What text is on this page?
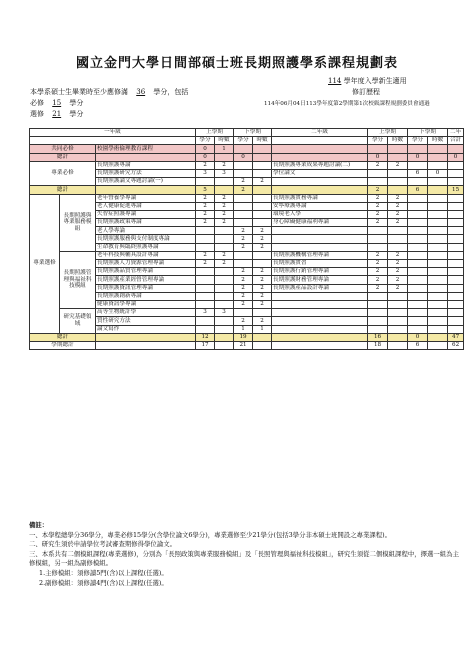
國立金門大學日間部碩士班長期照護學系課程規劃表
114 學年度入學新生適用
修訂歷程
114年06月04日113學年度第2學期第1次校級課程規劃委員會通過
本學系碩士生畢業時至少應修滿 36 學分，包括
必修 15 學分
選修 21 學分
一年級			上學期		下學期		二年級	上學期		下學期		二年
			學分	時數	學分	時數		學分	時數	學分	時數	合計
共同必修		校園學術倫理教育課程	0	1								
總計			0		0			0		0		0
專業必修		長期照護專論	2	2			長期照護專業成果專題討論(二)	2	2			
		長期照護研究方法	3	3			學位論文			6	0	
		長期照護論文專題討論(一)			2	2						
總計			5		2			2		6		15
專業選修	長期照護與專業服務模組	老年營養學專論	2	2			長期照護實務專論	2	2			
		老人健康促進專論	2	2			安寧療護專論	2	2			
		失智症照護專論	2	2			環境老人學	2	2			
		長期照護政策專論	2	2			身心障礙健康福利專論	2	2			
		老人學專論			2	2						
		長期照護服務與支付制度專論			2	2						
		生命教育與臨終照護專論			2	2						
	長期照護管理與福祉科技模組	老年科技與輔具設計專論	2	2			長期照護機構管理專論	2	2			
		長期照護人力資源管理專論	2	2			長期照護實習	2	2			
		長期照護品質管理專論			2	2	長期照護行銷管理專論	2	2			
		長期照護產業經營管理專論			2	2	長期照護財務管理專論	2	2			
		長期照護資訊管理專論			2	2	長期照護產品設計專論	2	2			
		長期照護創新專論			2	2						
		健康資訊學專論			2	2						
	研究基礎領域	高等生物統計學	3	3								
		質性研究方法			2	2						
		論文寫作			1	1						
總計			12		19			16		0		47
學期總計			17		21			18		6		62
備註：
一、本學程總學分36學分，專業必修15學分(含學位論文6學分)，專業選修至少21學分(包括3學分非本碩士班開設之專業課程)。
二、研究生須於申請學位考試審查期修得學位論文。
三、本系共有二個模組課程(專業選修)，分別為「長照政策與專業服務模組」及「長照管理與福祉科技模組」，研究生須從二個模組課程中，擇選一組為主修模組，另一組為副修模組。
1.主修模組：須修讀5門(含)以上課程(任選)。
2.副修模組：須修讀4門(含)以上課程(任選)。
